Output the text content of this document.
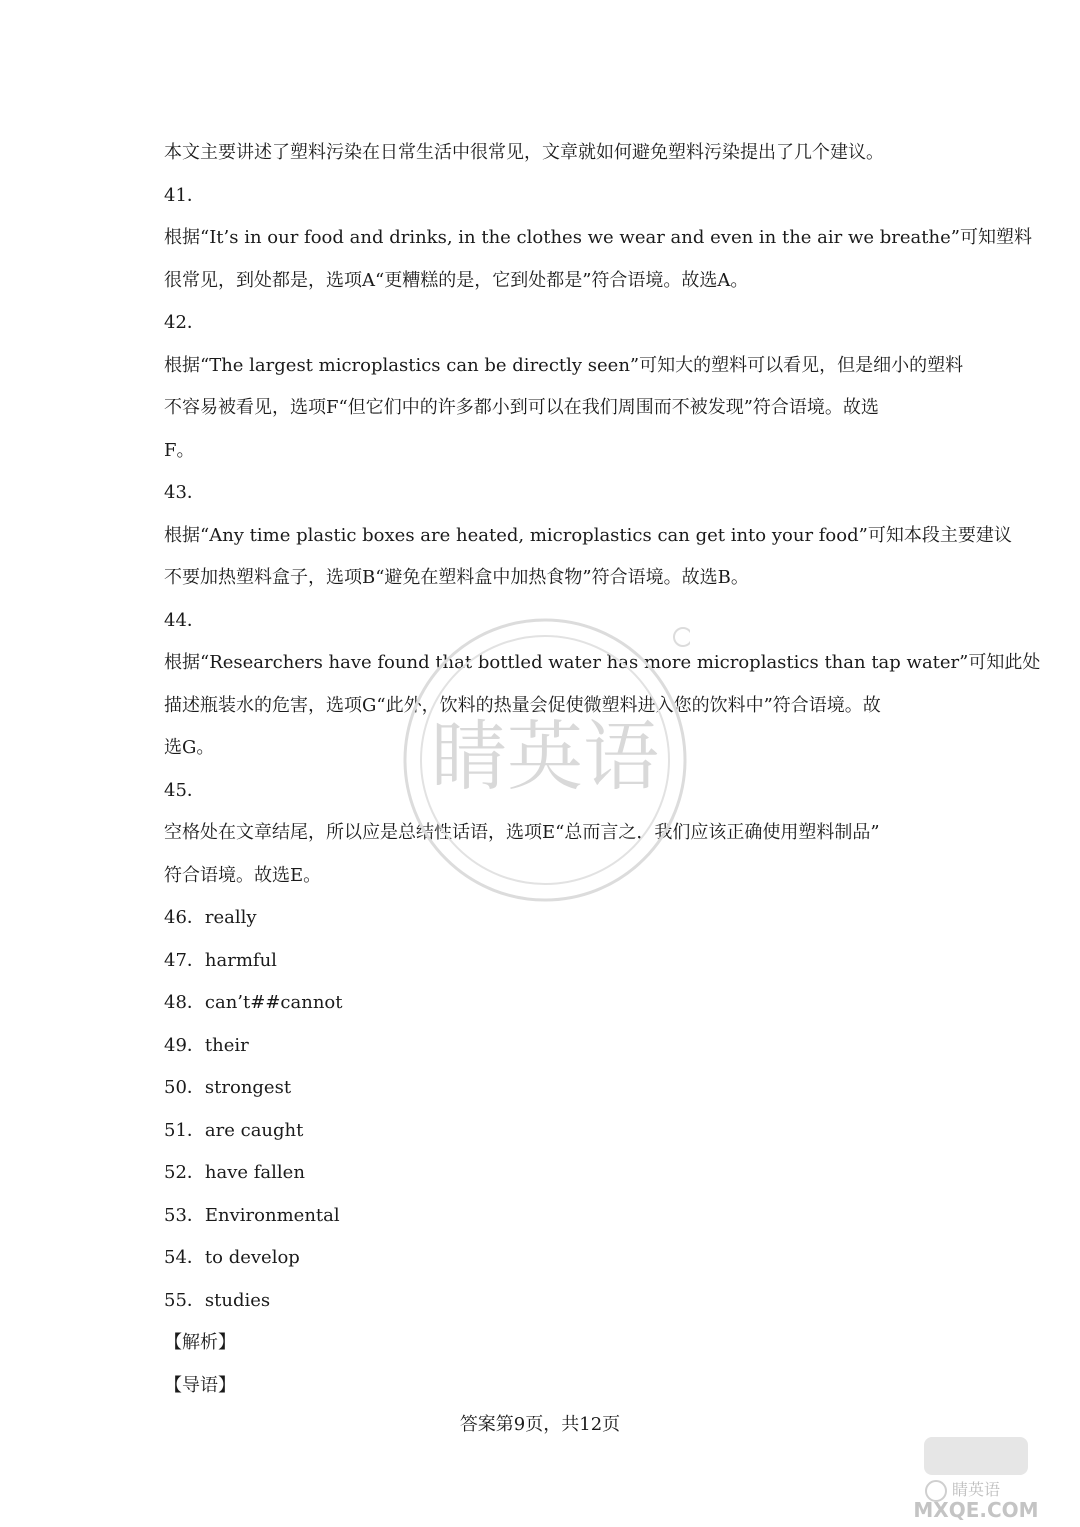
本文主要讲述了塑料污染在日常生活中很常见，文章就如何避免塑料污染提出了几个建议。
41．
根据“It’s in our food and drinks, in the clothes we wear and even in the air we breathe”可知塑料
很常见，到处都是，选项A“更糟糕的是，它到处都是”符合语境。故选A。
42．
根据“The largest microplastics can be directly seen”可知大的塑料可以看见，但是细小的塑料
不容易被看见，选项F“但它们中的许多都小到可以在我们周围而不被发现”符合语境。故选
F。
43．
根据“Any time plastic boxes are heated, microplastics can get into your food”可知本段主要建议
不要加热塑料盒子，选项B“避免在塑料盒中加热食物”符合语境。故选B。
44．
根据“Researchers have found that bottled water has more microplastics than tap water”可知此处
描述瓶装水的危害，选项G“此外，饮料的热量会促使微塑料进入您的饮料中”符合语境。故
选G。
45．
空格处在文章结尾，所以应是总结性话语，选项E“总而言之，我们应该正确使用塑料制品”
符合语境。故选E。
46．really
47．harmful
48．can’t##cannot
49．their
50．strongest
51．are caught
52．have fallen
53．Environmental
54．to develop
55．studies
【解析】
【导语】
睛英语
答案第9页，共12页
睛英语
MXQE.COM
